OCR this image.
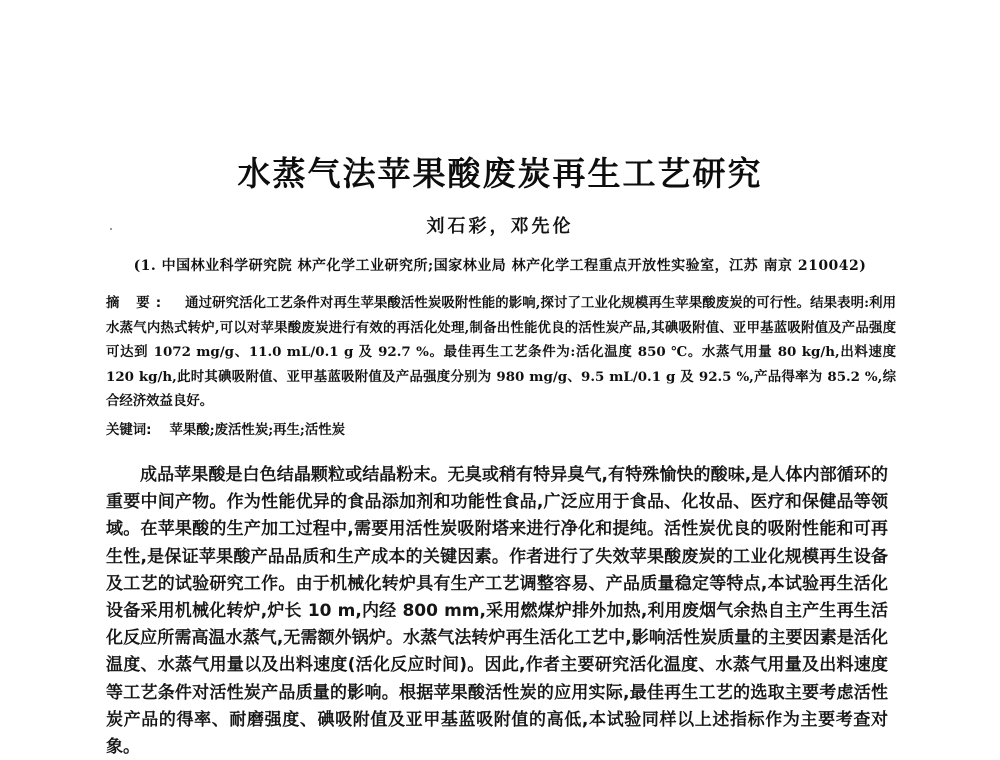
水蒸气法苹果酸废炭再生工艺研究
刘石彩，邓先伦
(1. 中国林业科学研究院 林产化学工业研究所;国家林业局 林产化学工程重点开放性实验室，江苏 南京 210042)
摘 要: 通过研究活化工艺条件对再生苹果酸活性炭吸附性能的影响,探讨了工业化规模再生苹果酸废炭的可行性。结果表明:利用水蒸气内热式转炉,可以对苹果酸废炭进行有效的再活化处理,制备出性能优良的活性炭产品,其碘吸附值、亚甲基蓝吸附值及产品强度可达到 1072 mg/g、11.0 mL/0.1 g 及 92.7 %。最佳再生工艺条件为:活化温度 850 ℃。水蒸气用量 80 kg/h,出料速度 120 kg/h,此时其碘吸附值、亚甲基蓝吸附值及产品强度分别为 980 mg/g、9.5 mL/0.1 g 及 92.5 %,产品得率为 85.2 %,综合经济效益良好。
关键词: 苹果酸;废活性炭;再生;活性炭
成品苹果酸是白色结晶颗粒或结晶粉末。无臭或稍有特异臭气,有特殊愉快的酸味,是人体内部循环的重要中间产物。作为性能优异的食品添加剂和功能性食品,广泛应用于食品、化妆品、医疗和保健品等领域。在苹果酸的生产加工过程中,需要用活性炭吸附塔来进行净化和提纯。活性炭优良的吸附性能和可再生性,是保证苹果酸产品品质和生产成本的关键因素。作者进行了失效苹果酸废炭的工业化规模再生设备及工艺的试验研究工作。由于机械化转炉具有生产工艺调整容易、产品质量稳定等特点,本试验再生活化设备采用机械化转炉,炉长 10 m,内经 800 mm,采用燃煤炉排外加热,利用废烟气余热自主产生再生活化反应所需高温水蒸气,无需额外锅炉。水蒸气法转炉再生活化工艺中,影响活性炭质量的主要因素是活化温度、水蒸气用量以及出料速度(活化反应时间)。因此,作者主要研究活化温度、水蒸气用量及出料速度等工艺条件对活性炭产品质量的影响。根据苹果酸活性炭的应用实际,最佳再生工艺的选取主要考虑活性炭产品的得率、耐磨强度、碘吸附值及亚甲基蓝吸附值的高低,本试验同样以上述指标作为主要考查对象。
